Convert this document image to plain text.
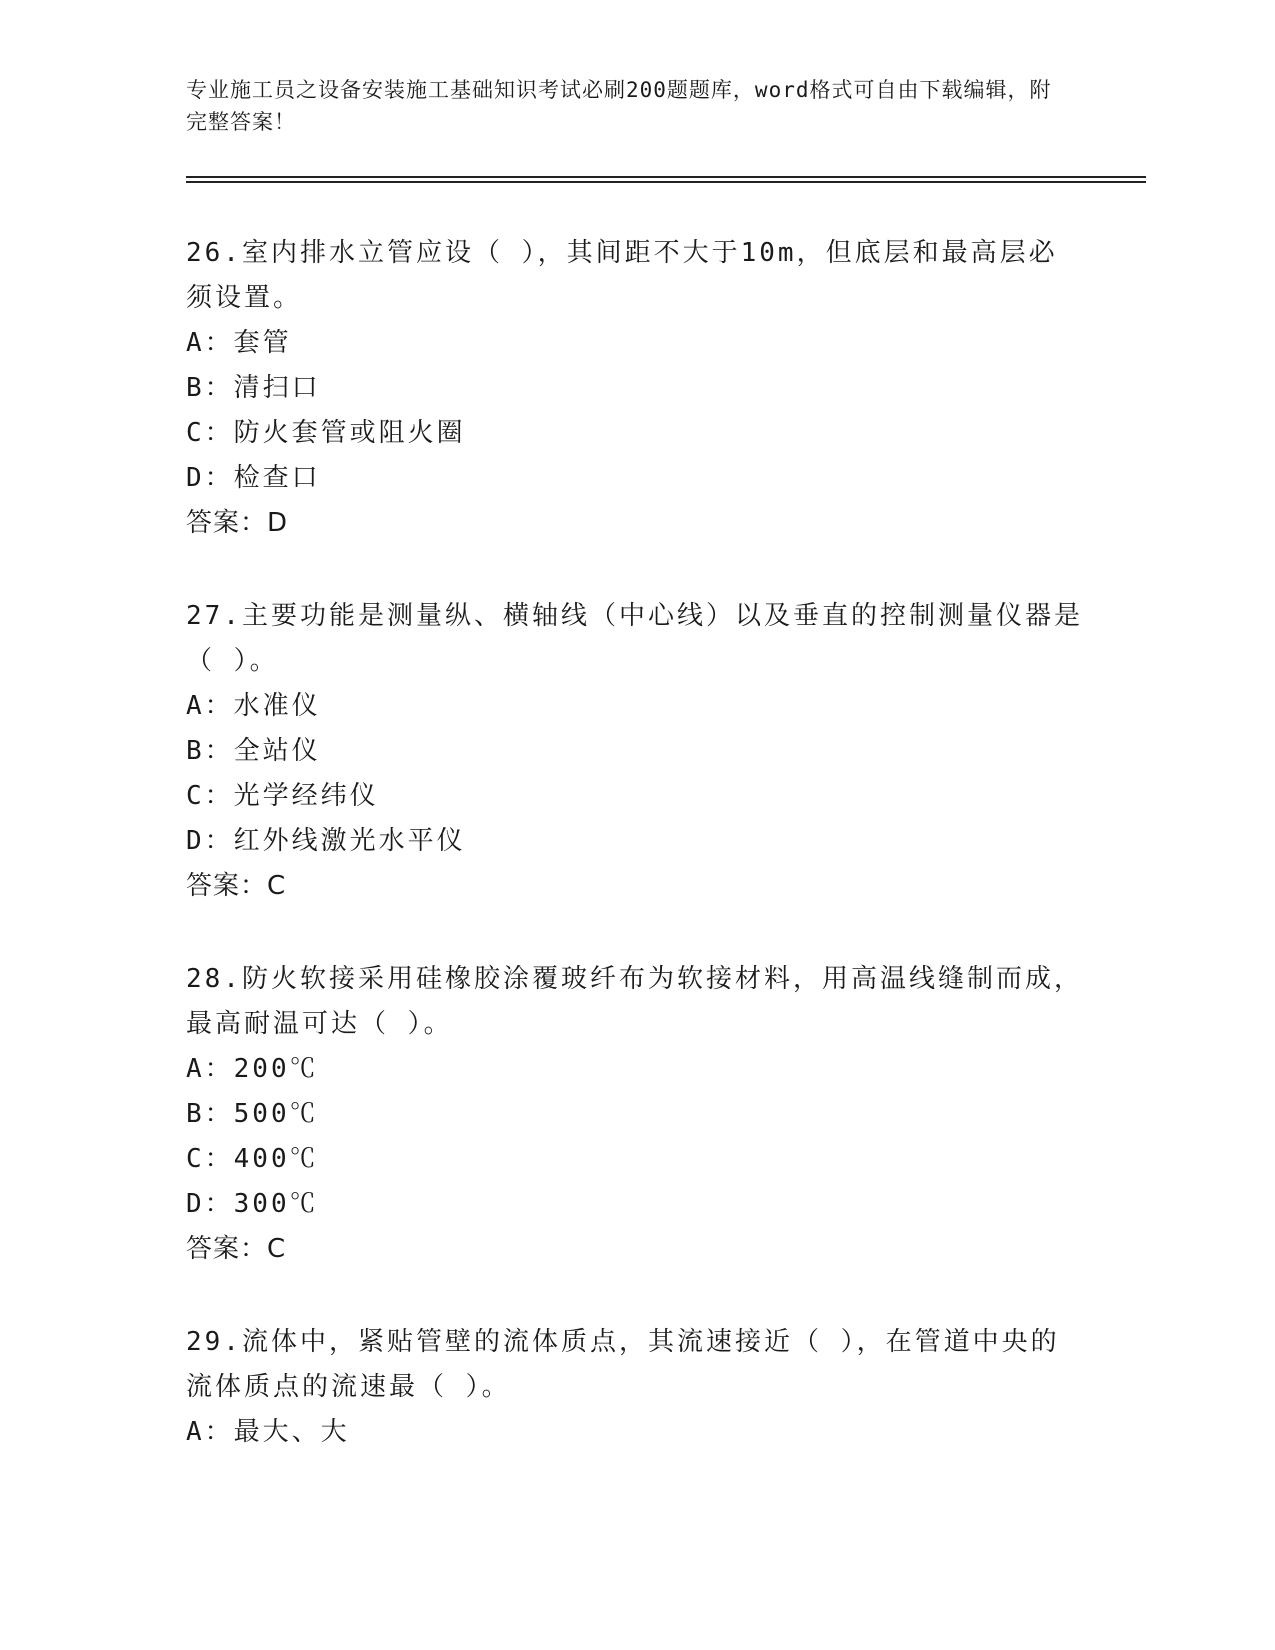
专业施工员之设备安装施工基础知识考试必刷200题题库，word格式可自由下载编辑，附完整答案！

26.室内排水立管应设（ ），其间距不大于10m，但底层和最高层必须设置。

A：套管

B：清扫口

C：防火套管或阻火圈

D：检查口

答案：D

27.主要功能是测量纵、横轴线（中心线）以及垂直的控制测量仪器是（ ）。

A：水准仪

B：全站仪

C：光学经纬仪

D：红外线激光水平仪

答案：C

28.防火软接采用硅橡胶涂覆玻纤布为软接材料，用高温线缝制而成，最高耐温可达（ ）。

A：200℃

B：500℃

C：400℃

D：300℃

答案：C

29.流体中，紧贴管壁的流体质点，其流速接近（ ），在管道中央的流体质点的流速最（ ）。

A：最大、大
